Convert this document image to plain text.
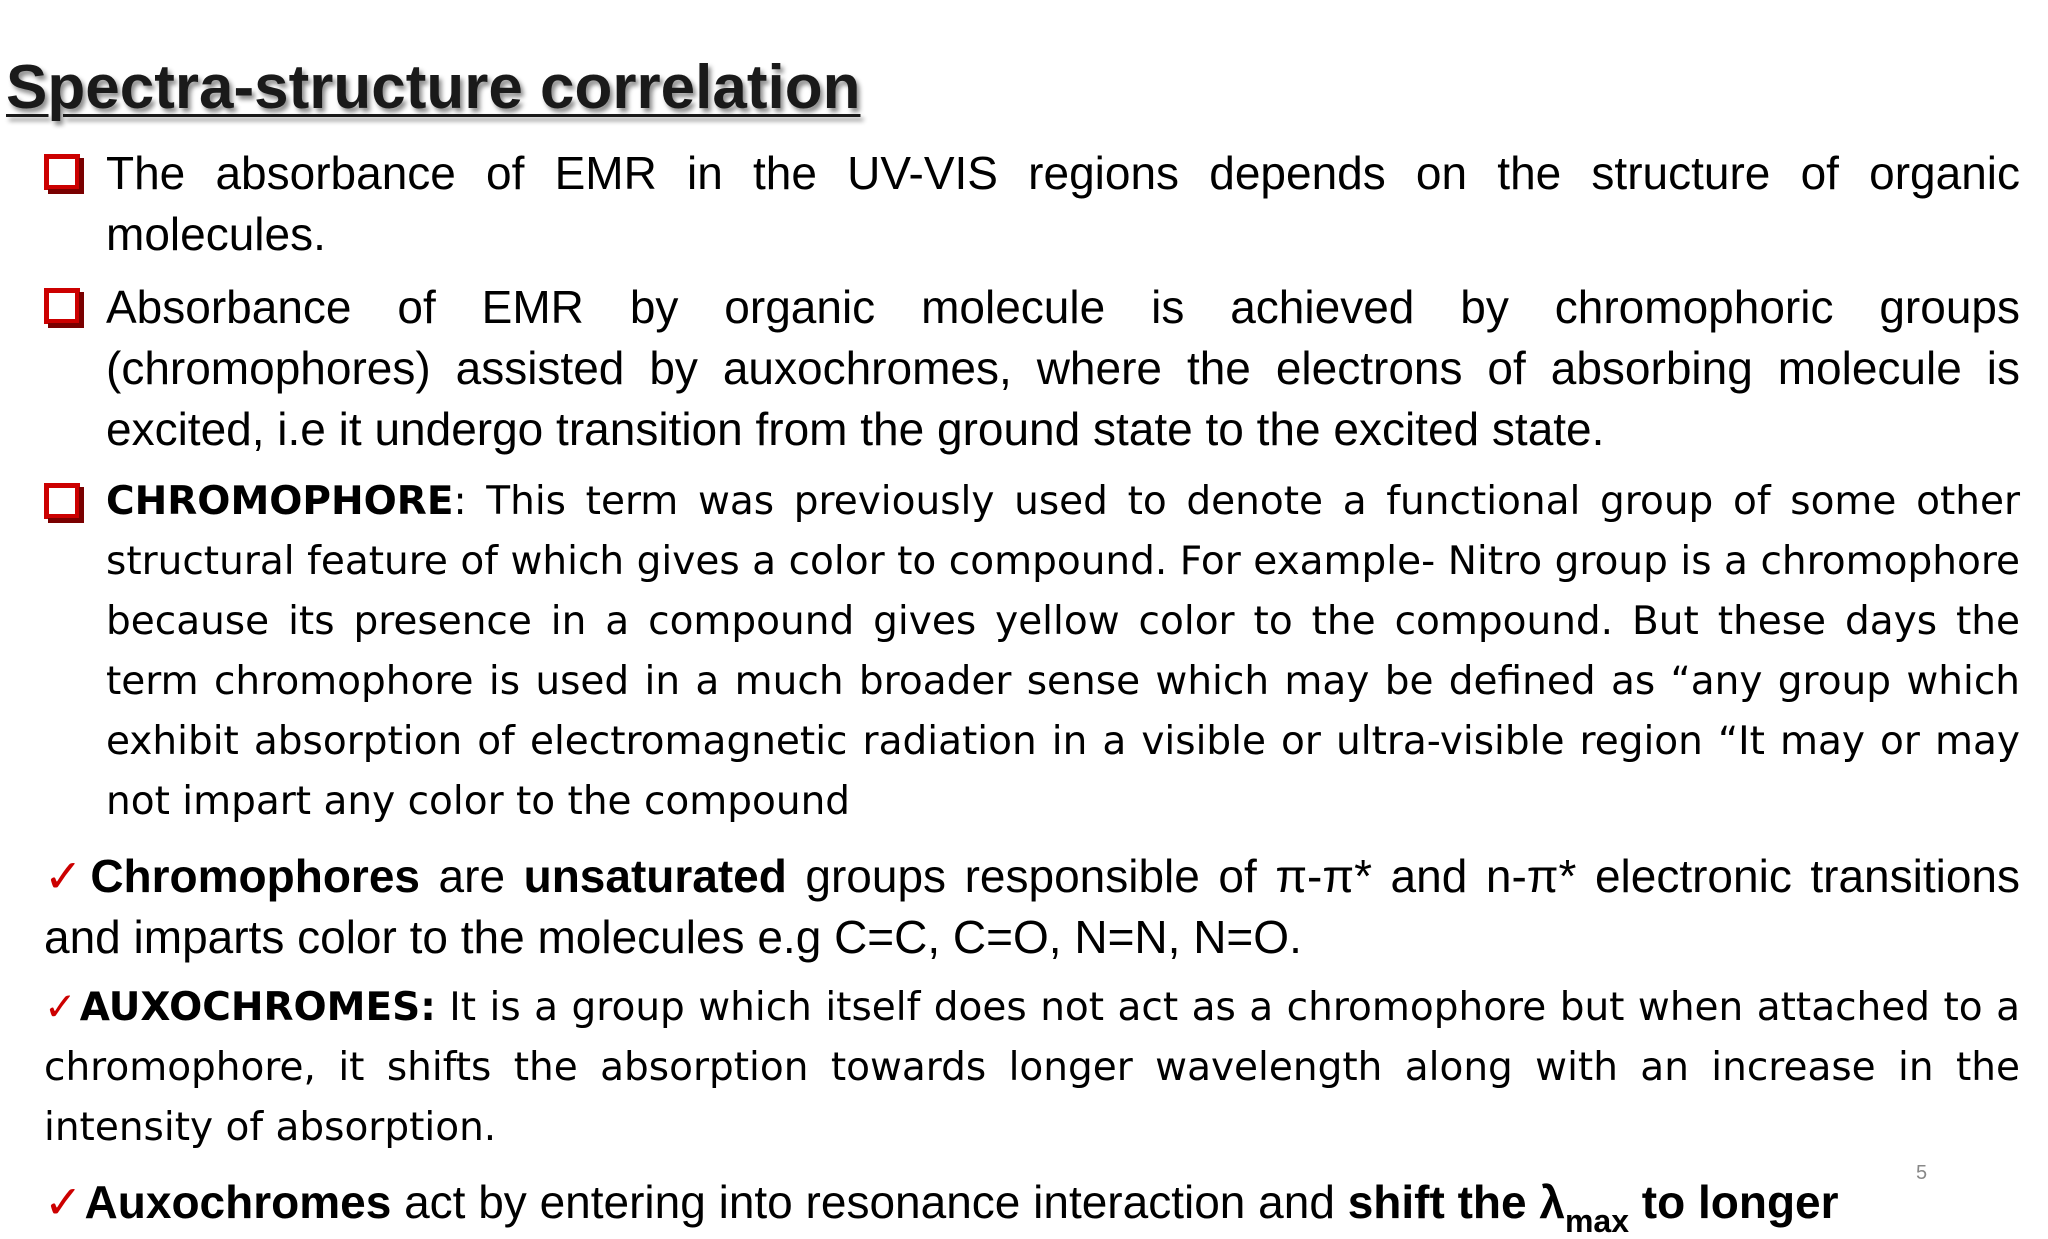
Spectra-structure correlation
The absorbance of EMR in the UV-VIS regions depends on the structure of organic molecules.
Absorbance of EMR by organic molecule is achieved by chromophoric groups (chromophores) assisted by auxochromes, where the electrons of absorbing molecule is excited, i.e it undergo transition from the ground state to the excited state.
CHROMOPHORE: This term was previously used to denote a functional group of some other structural feature of which gives a color to compound. For example- Nitro group is a chromophore because its presence in a compound gives yellow color to the compound. But these days the term chromophore is used in a much broader sense which may be defined as “any group which exhibit absorption of electromagnetic radiation in a visible or ultra-visible region “It may or may not impart any color to the compound
✓Chromophores are unsaturated groups responsible of π-π* and n-π* electronic transitions and imparts color to the molecules e.g C=C, C=O, N=N, N=O.
✓AUXOCHROMES: It is a group which itself does not act as a chromophore but when attached to a chromophore, it shifts the absorption towards longer wavelength along with an increase in the intensity of absorption.
✓Auxochromes act by entering into resonance interaction and shift the $\lambda_{max}$ to longer
5
